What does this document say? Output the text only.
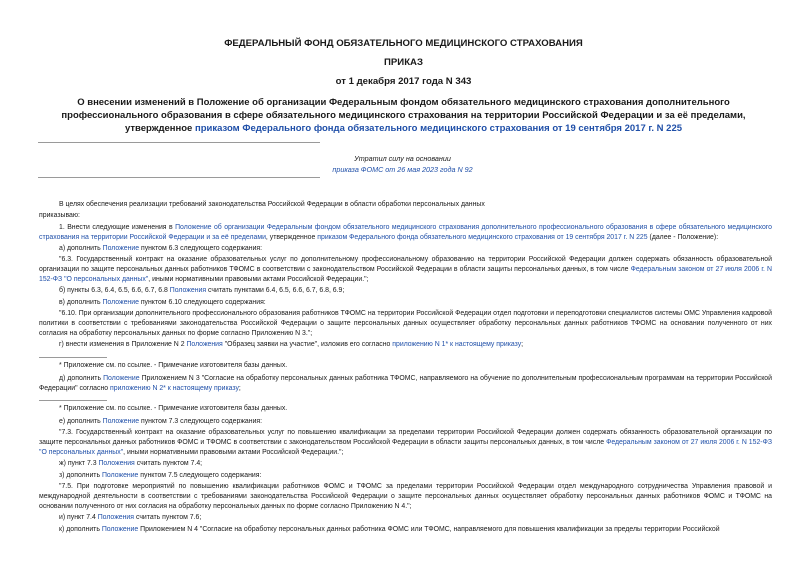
ФЕДЕРАЛЬНЫЙ ФОНД ОБЯЗАТЕЛЬНОГО МЕДИЦИНСКОГО СТРАХОВАНИЯ
ПРИКАЗ
от 1 декабря 2017 года N 343
О внесении изменений в Положение об организации Федеральным фондом обязательного медицинского страхования дополнительного профессионального образования в сфере обязательного медицинского страхования на территории Российской Федерации и за её пределами, утвержденное приказом Федерального фонда обязательного медицинского страхования от 19 сентября 2017 г. N 225
Утратил силу на основании
приказа ФОМС от 26 мая 2023 года N 92

В целях обеспечения реализации требований законодательства Российской Федерации в области обработки персональных данных

приказываю:

1. Внести следующие изменения в Положение об организации Федеральным фондом обязательного медицинского страхования дополнительного профессионального образования в сфере обязательного медицинского страхования на территории Российской Федерации и за её пределами, утвержденное приказом Федерального фонда обязательного медицинского страхования от 19 сентября 2017 г. N 225 (далее - Положение):

а) дополнить Положение пунктом 6.3 следующего содержания:

"6.3. Государственный контракт на оказание образовательных услуг по дополнительному профессиональному образованию на территории Российской Федерации должен содержать обязанность образовательной организации по защите персональных данных работников ТФОМС в соответствии с законодательством Российской Федерации в области защиты персональных данных, в том числе Федеральным законом от 27 июля 2006 г. N 152-ФЗ "О персональных данных", иными нормативными правовыми актами Российской Федерации.";

б) пункты 6.3, 6.4, 6.5, 6.6, 6.7, 6.8 Положения считать пунктами 6.4, 6.5, 6.6, 6.7, 6.8, 6.9;

в) дополнить Положение пунктом 6.10 следующего содержания:

"6.10. При организации дополнительного профессионального образования работников ТФОМС на территории Российской Федерации отдел подготовки и переподготовки специалистов системы ОМС Управления кадровой политики в соответствии с требованиями законодательства Российской Федерации о защите персональных данных осуществляет обработку персональных данных работников ТФОМС на основании полученного от них согласия на обработку персональных данных по форме согласно Приложению N 3.";

г) внести изменения в Приложение N 2 Положения "Образец заявки на участие", изложив его согласно приложению N 1* к настоящему приказу;

* Приложение см. по ссылке. - Примечание изготовителя базы данных.

д) дополнить Положение Приложением N 3 "Согласие на обработку персональных данных работника ТФОМС, направляемого на обучение по дополнительным профессиональным программам на территории Российской Федерации" согласно приложению N 2* к настоящему приказу;

* Приложение см. по ссылке. - Примечание изготовителя базы данных.

е) дополнить Положение пунктом 7.3 следующего содержания:

"7.3. Государственный контракт на оказание образовательных услуг по повышению квалификации за пределами территории Российской Федерации должен содержать обязанность образовательной организации по защите персональных данных работников ФОМС и ТФОМС в соответствии с законодательством Российской Федерации в области защиты персональных данных, в том числе Федеральным законом от 27 июля 2006 г. N 152-ФЗ "О персональных данных", иными нормативными правовыми актами Российской Федерации.";

ж) пункт 7.3 Положения считать пунктом 7.4;

з) дополнить Положение пунктом 7.5 следующего содержания:

"7.5. При подготовке мероприятий по повышению квалификации работников ФОМС и ТФОМС за пределами территории Российской Федерации отдел международного сотрудничества Управления правовой и международной деятельности в соответствии с требованиями законодательства Российской Федерации о защите персональных данных осуществляет обработку персональных данных работников ФОМС и ТФОМС на основании полученного от них согласия на обработку персональных данных по форме согласно Приложению N 4.";

и) пункт 7.4 Положения считать пунктом 7.6;

к) дополнить Положение Приложением N 4 "Согласие на обработку персональных данных работника ФОМС или ТФОМС, направляемого для повышения квалификации за пределы территории Российской
